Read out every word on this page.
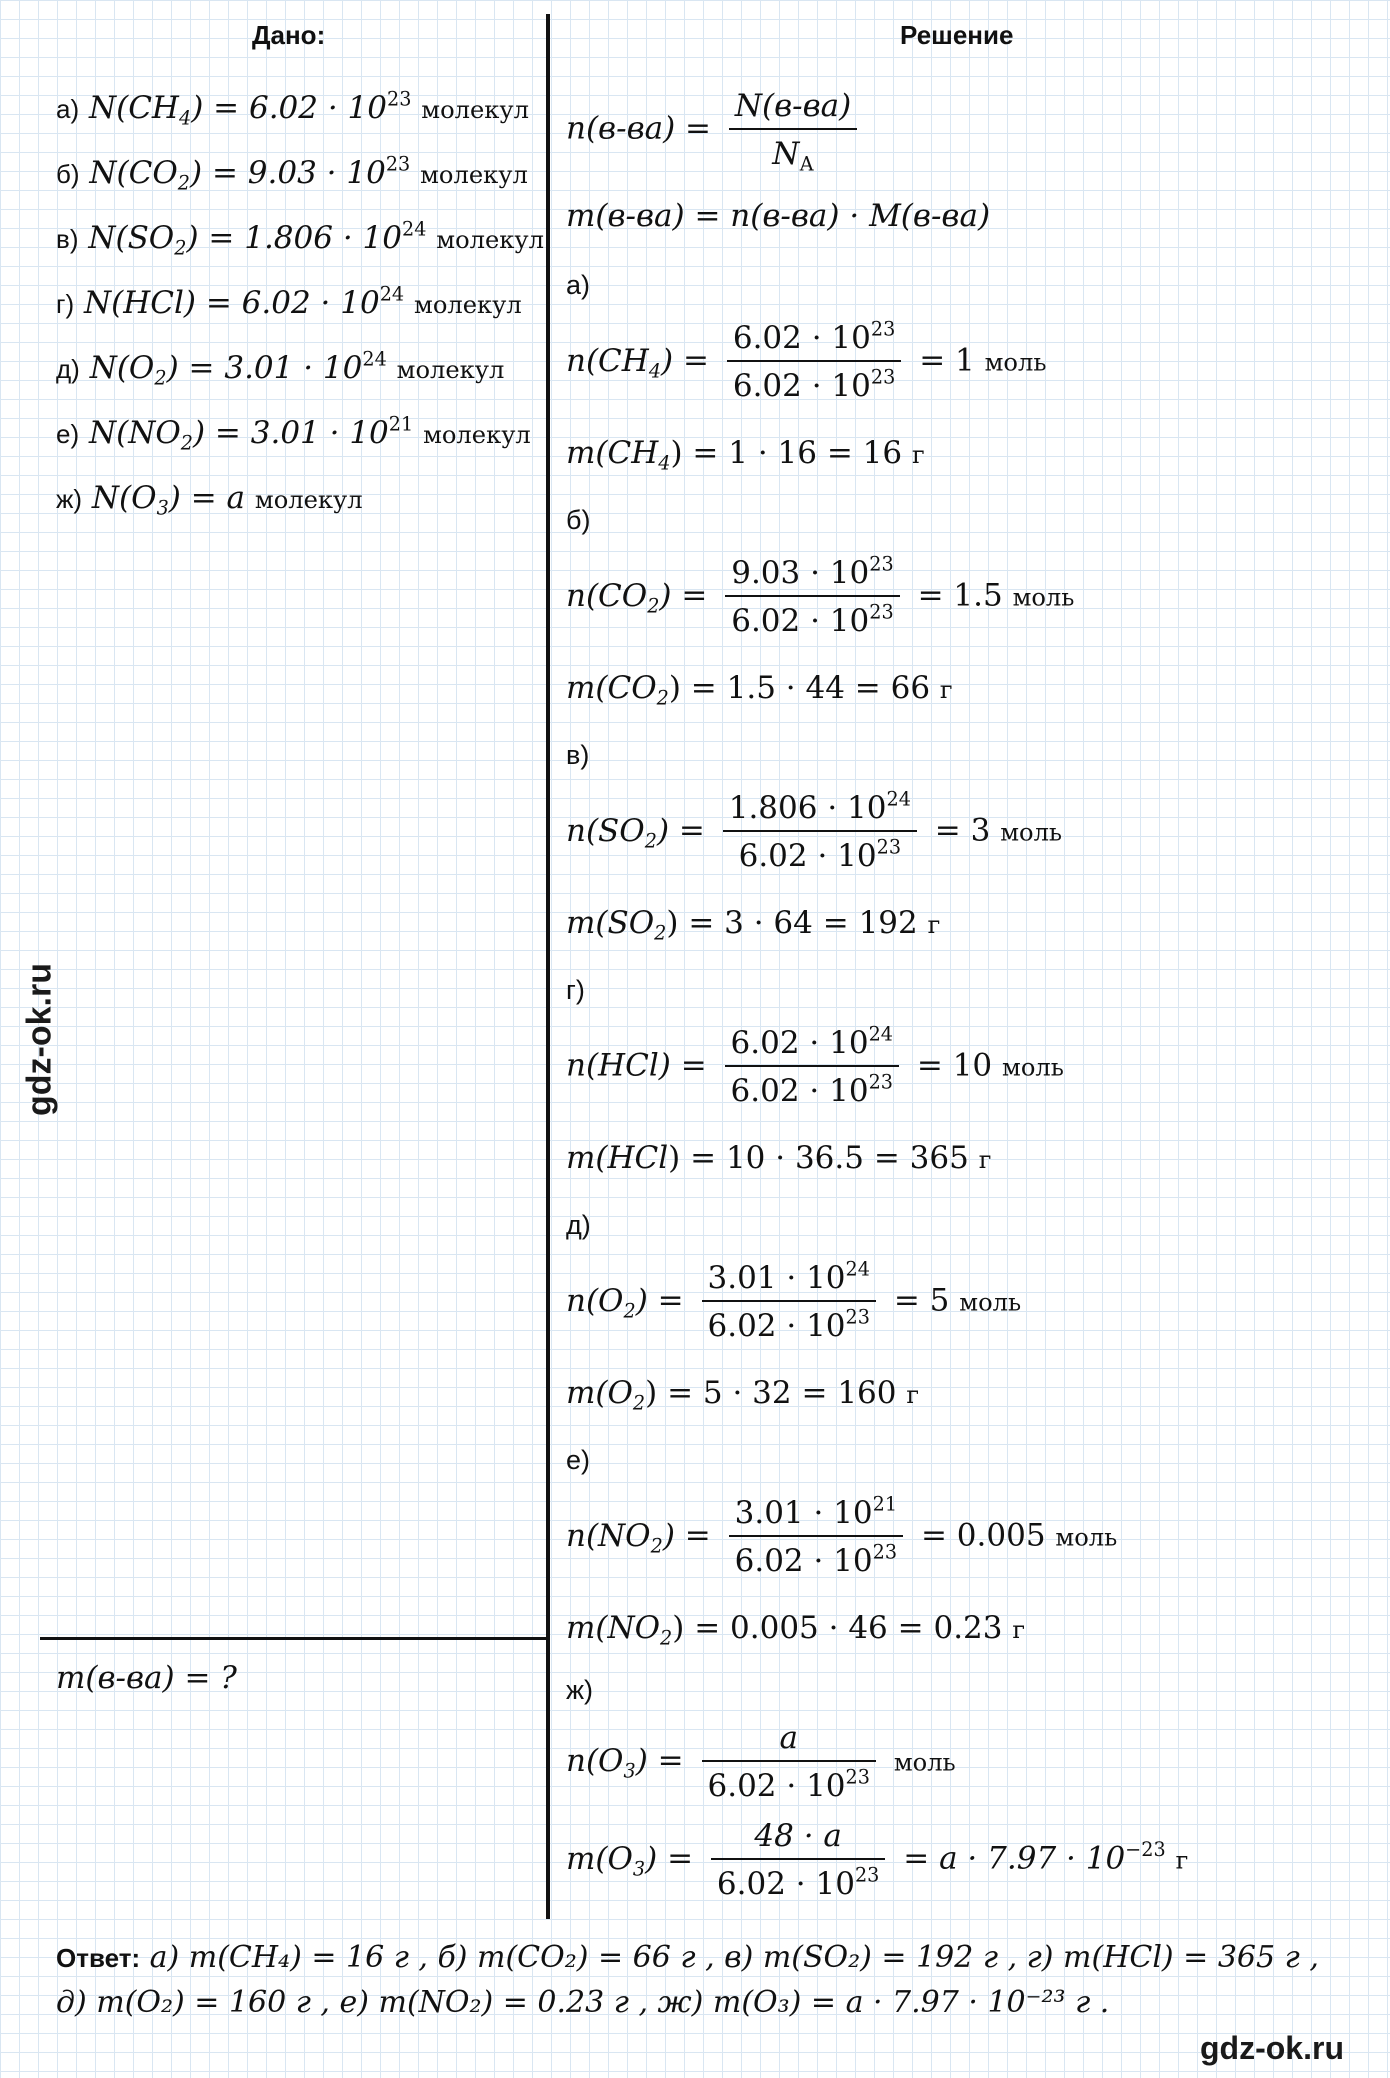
Дано:	Решение
а) $N(CH_4) = 6.02 \cdot 10^{23}$ молекул
б) $N(CO_2) = 9.03 \cdot 10^{23}$ молекул
в) $N(SO_2) = 1.806 \cdot 10^{24}$ молекул
г) $N(HCl) = 6.02 \cdot 10^{24}$ молекул
д) $N(O_2) = 3.01 \cdot 10^{24}$ молекул
е) $N(NO_2) = 3.01 \cdot 10^{21}$ молекул
ж) $N(O_3) = a$ молекул
m(в-ва) = ?
$n(в-ва) = \frac{N(в-ва)}{N_А}$
m(в-ва) = n(в-ва) · M(в-ва)
а)
$n(CH_4) = \frac{6.02 \cdot 10^{23}}{6.02 \cdot 10^{23}} = 1$ моль
$m(CH_4) = 1 \cdot 16 = 16$ г
б)
$n(CO_2) = \frac{9.03 \cdot 10^{23}}{6.02 \cdot 10^{23}} = 1.5$ моль
$m(CO_2) = 1.5 \cdot 44 = 66$ г
в)
$n(SO_2) = \frac{1.806 \cdot 10^{24}}{6.02 \cdot 10^{23}} = 3$ моль
$m(SO_2) = 3 \cdot 64 = 192$ г
г)
$n(HCl) = \frac{6.02 \cdot 10^{24}}{6.02 \cdot 10^{23}} = 10$ моль
m(HCl) = 10 · 36.5 = 365 г
д)
$n(O_2) = \frac{3.01 \cdot 10^{24}}{6.02 \cdot 10^{23}} = 5$ моль
$m(O_2) = 5 \cdot 32 = 160$ г
е)
$n(NO_2) = \frac{3.01 \cdot 10^{21}}{6.02 \cdot 10^{23}} = 0.005$ моль
$m(NO_2) = 0.005 \cdot 46 = 0.23$ г
ж)
$n(O_3) = \frac{a}{6.02 \cdot 10^{23}}$ моль
$m(O_3) = \frac{48 \cdot a}{6.02 \cdot 10^{23}} = a \cdot 7.97 \cdot 10^{-23}$ г
Ответ: а) m(CH₄) = 16 г , б) m(CO₂) = 66 г , в) m(SO₂) = 192 г , г) m(HCl) = 365 г ,
д) m(O₂) = 160 г , е) m(NO₂) = 0.23 г , ж) m(O₃) = a · 7.97 · 10⁻²³ г .
gdz-ok.ru
gdz-ok.ru
